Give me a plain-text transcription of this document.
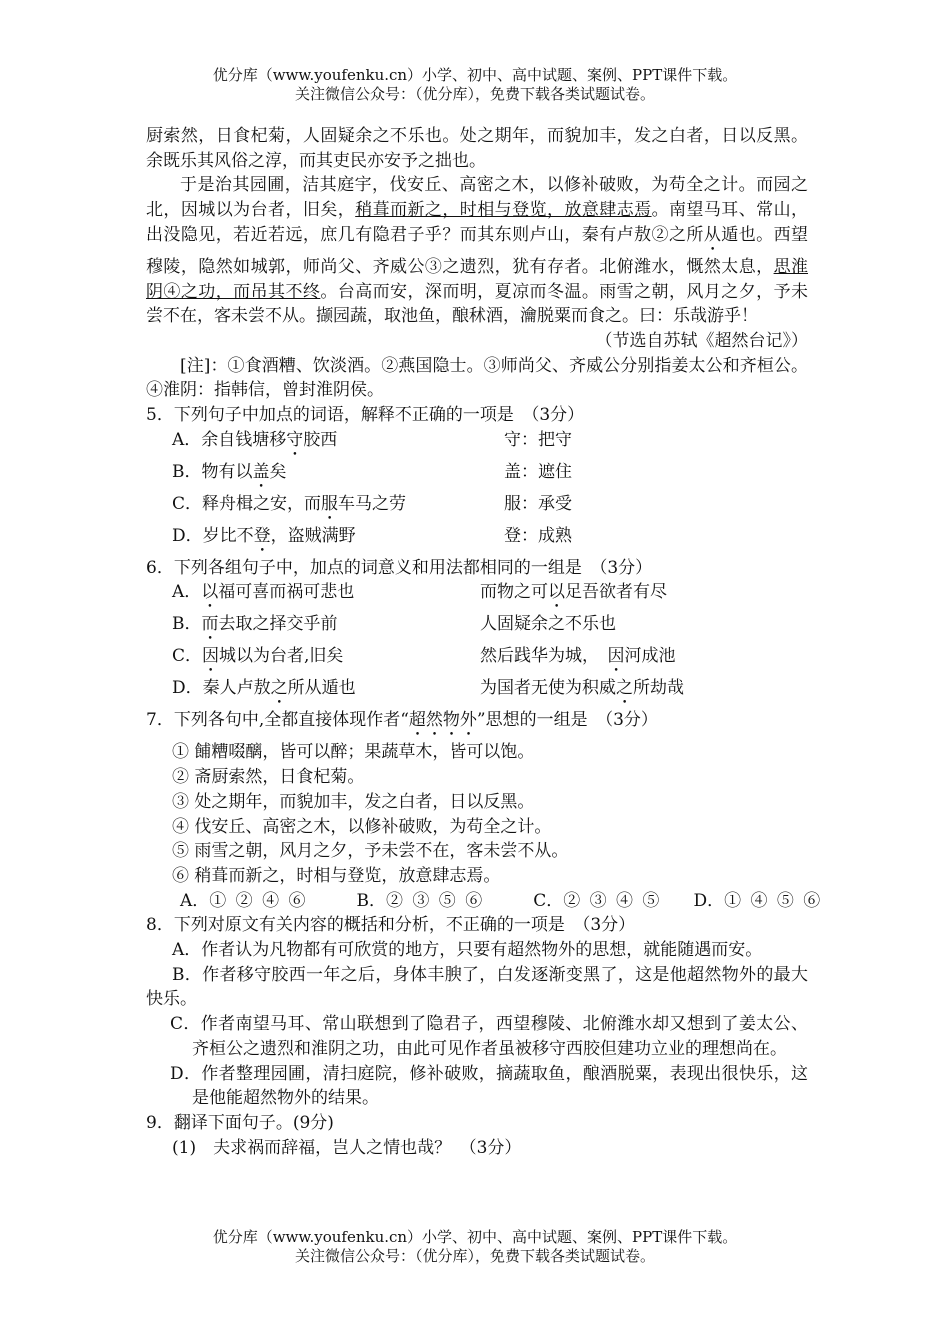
优分库（www.youfenku.cn）小学、初中、高中试题、案例、PPT课件下载。
关注微信公众号：（优分库），免费下载各类试题试卷。

厨索然，日食杞菊，人固疑余之不乐也。处之期年，而貌加丰，发之白者，日以反黑。余既乐其风俗之淳，而其吏民亦安予之拙也。

于是治其园圃，洁其庭宇，伐安丘、高密之木，以修补破败，为苟全之计。而园之北，因城以为台者，旧矣，稍葺而新之，时相与登览，放意肆志焉。南望马耳、常山，出没隐见，若近若远，庶几有隐君子乎？而其东则卢山，秦有卢敖②之所从遁也。西望穆陵，隐然如城郭，师尚父、齐威公③之遗烈，犹有存者。北俯潍水，慨然太息，思淮阴④之功，而吊其不终。台高而安，深而明，夏凉而冬温。雨雪之朝，风月之夕，予未尝不在，客未尝不从。撷园蔬，取池鱼，酿秫酒，瀹脱粟而食之。曰：乐哉游乎！

（节选自苏轼《超然台记》）

[注]：①食酒糟、饮淡酒。②燕国隐士。③师尚父、齐威公分别指姜太公和齐桓公。④淮阴：指韩信，曾封淮阴侯。

5．下列句子中加点的词语，解释不正确的一项是　（3分）

A．余自钱塘移守胶西	守：把守
B．物有以盖矣	盖：遮住
C．释舟楫之安，而服车马之劳	服：承受
D．岁比不登，盗贼满野	登：成熟

6．下列各组句子中，加点的词意义和用法都相同的一组是　（3分）

A．以福可喜而祸可悲也	而物之可以足吾欲者有尽
B．而去取之择交乎前	人固疑余之不乐也
C．因城以为台者,旧矣	然后践华为城，　因河成池
D．秦人卢敖之所从遁也	为国者无使为积威之所劫哉

7．下列各句中,全都直接体现作者“超然物外”思想的一组是　（3分）

① 餔糟啜醨，皆可以醉；果蔬草木，皆可以饱。

② 斋厨索然，日食杞菊。

③ 处之期年，而貌加丰，发之白者，日以反黑。

④ 伐安丘、高密之木，以修补破败，为苟全之计。

⑤ 雨雪之朝，风月之夕，予未尝不在，客未尝不从。

⑥ 稍葺而新之，时相与登览，放意肆志焉。

A．① ② ④ ⑥　　　	B．② ③ ⑤ ⑥　　　	C．② ③ ④ ⑤　　 D．① ④ ⑤ ⑥

8．下列对原文有关内容的概括和分析，不正确的一项是　（3分）

A．作者认为凡物都有可欣赏的地方，只要有超然物外的思想，就能随遇而安。

B．作者移守胶西一年之后，身体丰腴了，白发逐渐变黑了，这是他超然物外的最大快乐。

C．作者南望马耳、常山联想到了隐君子，西望穆陵、北俯潍水却又想到了姜太公、齐桓公之遗烈和淮阴之功，由此可见作者虽被移守西胶但建功立业的理想尚在。

D．作者整理园圃，清扫庭院，修补破败，摘蔬取鱼，酿酒脱粟，表现出很快乐，这是他能超然物外的结果。

9．翻译下面句子。(9分)

(1)　夫求祸而辞福，岂人之情也哉？　（3分）

优分库（www.youfenku.cn）小学、初中、高中试题、案例、PPT课件下载。
关注微信公众号：（优分库），免费下载各类试题试卷。
